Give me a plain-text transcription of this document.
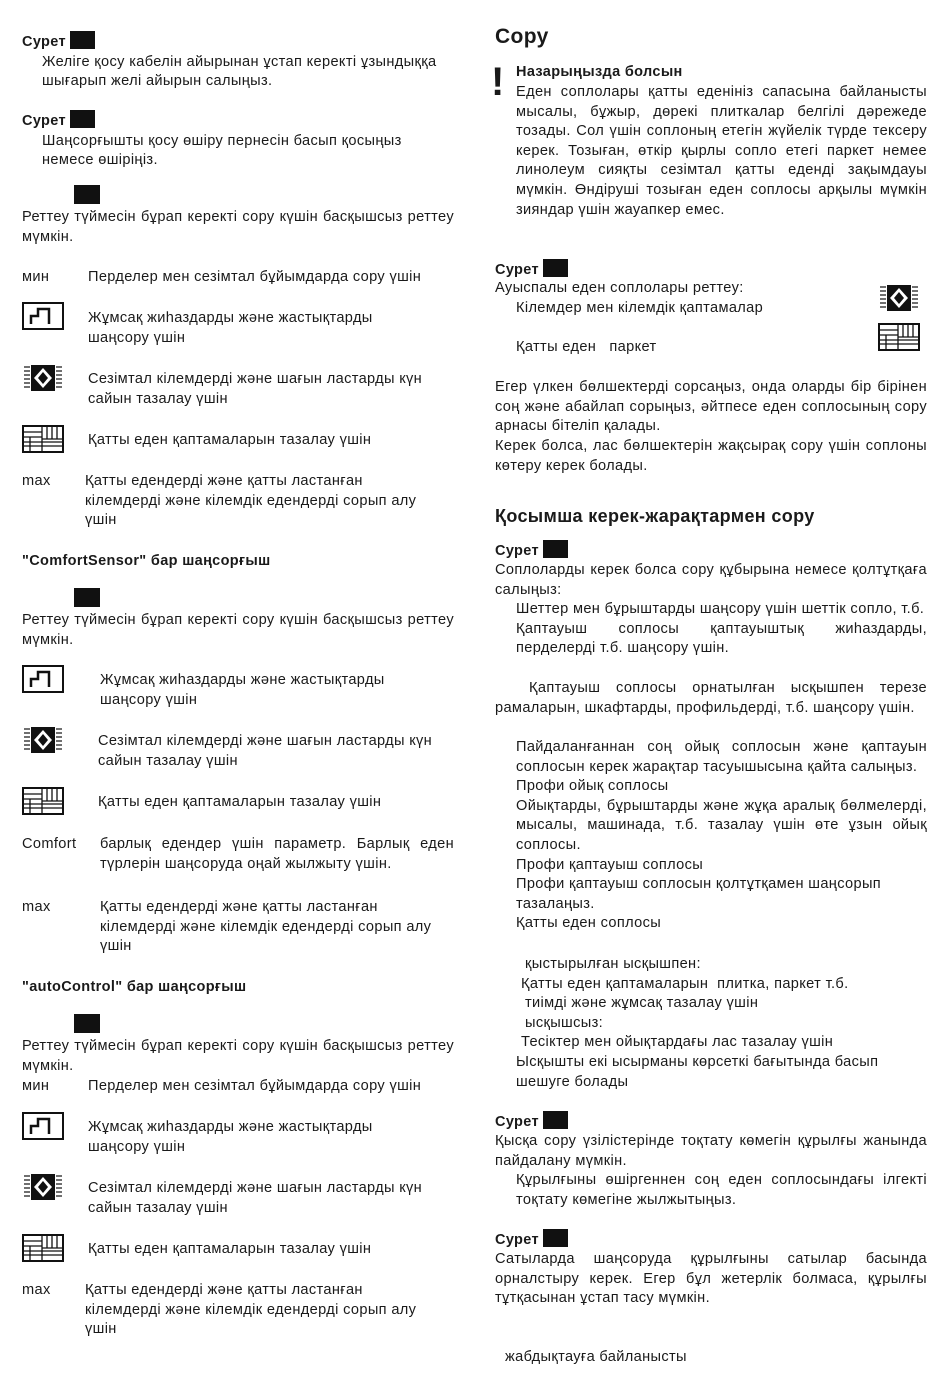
Сурет
Желіге қосу кабелін айырынан ұстап керекті ұзындыққа шығарып желі айырын салыңыз.
Сурет
Шаңсорғышты қосу өшіру пернесін басып қосыңыз немесе өшіріңіз.

Реттеу түймесін бұрап керекті сору күшін басқышсыз реттеу мүмкін.

мин	Перделер мен сезімтал бұйымдарда сору үшін

Жұмсақ жиһаздарды және жастықтарды шаңсору үшін

Сезімтал кілемдерді және шағын ластарды күн сайын тазалау үшін

Қатты еден қаптамаларын тазалау үшін

max Қатты едендерді және қатты ластанған кілемдерді және кілемдік едендерді сорып алу үшін

"ComfortSensor" бар шаңсорғыш

Реттеу түймесін бұрап керекті сору күшін басқышсыз реттеу мүмкін.

Жұмсақ жиһаздарды және жастықтарды шаңсору үшін

Сезімтал кілемдерді және шағын ластарды күн сайын тазалау үшін

Қатты еден қаптамаларын тазалау үшін

Comfort барлық едендер үшін параметр. Барлық еден түрлерін шаңсоруда оңай жылжыту үшін.

max	Қатты едендерді және қатты ластанған кілемдерді және кілемдік едендерді сорып алу үшін

"autoControl" бар шаңсорғыш

Реттеу түймесін бұрап керекті сору күшін басқышсыз реттеу мүмкін.

мин	Перделер мен сезімтал бұйымдарда сору үшін

Жұмсақ жиһаздарды және жастықтарды шаңсору үшін

Сезімтал кілемдерді және шағын ластарды күн сайын тазалау үшін

Қатты еден қаптамаларын тазалау үшін

max Қатты едендерді және қатты ластанған кілемдерді және кілемдік едендерді сорып алу үшін

Сору
! Назарыңызда болсын

Еден соплолары қатты едeнініз сапасына байланысты мысалы, бұжыр, дөрекі плиткалар белгілі дәрежеде тозады. Сол үшін соплоның етегін жүйелік түрде тексеру керек. Тозыған, өткір қырлы сопло етегі паркет немее линолеум сияқты сезімтал қатты еденді зақымдауы мүмкін. Өндіруші тозыған еден соплосы арқылы мүмкін зияндар үшін жауапкер емес.

Сурет

Ауыспалы еден соплолары реттеу:

Кілемдер мен кілемдік қаптамалар

Қатты еден   паркет

Егер үлкен бөлшектерді сорсаңыз, онда оларды бір бірінен соң және абайлап сорыңыз, әйтпесе еден соплосының сору арнасы бітеліп қалады.

Керек болса, лас бөлшектерін жақсырақ сору үшін соплоны көтеру керек болады.

Қосымша керек-жарақтармен сору
Сурет

Соплоларды керек болса сору құбырына немесе қолтұтқаға салыңыз:

Шеттер мен бұрыштарды шаңсору үшін шеттік сопло, т.б.

Қаптауыш соплосы қаптауыштық жиһаздарды, перделерді т.б. шаңсору үшін.

Қаптауыш соплосы орнатылған ысқышпен терезе рамаларын, шкафтарды, профильдерді, т.б. шаңсору үшін.

Пайдаланғаннан соң ойық соплосын және қаптауын соплосын керек жарақтар тасуышысына қайта салыңыз.

Профи ойық соплосы

Ойықтарды, бұрыштарды және жұқа аралық бөлмелерді, мысалы, машинада, т.б. тазалау үшін өте ұзын ойық соплосы.

Профи қаптауыш соплосы

Профи қаптауыш соплосын қолтұтқамен шаңсорып тазалаңыз.

Қатты еден соплосы

қыстырылған ысқышпен:

Қатты еден қаптамаларын  плитка, паркет т.б.

тиімді және жұмсақ тазалау үшін

ысқышсыз:

Тесіктер мен ойықтардағы лас тазалау үшін

Ысқышты екі ысырманы көрсеткі бағытында басып шешуге болады

Сурет

Қысқа сору үзілістерінде тоқтату көмегін құрылғы жанында пайдалану мүмкін.

Құрылғыны өшіргеннен соң еден соплосындағы ілгекті тоқтату көмегіне жылжытыңыз.

Сурет

Сатыларда шаңсоруда құрылғыны сатылар басында орналстыру керек. Егер бұл жетерлік болмаса, құрылғы тұтқасынан ұстап тасу мүмкін.

жабдықтауға байланысты
